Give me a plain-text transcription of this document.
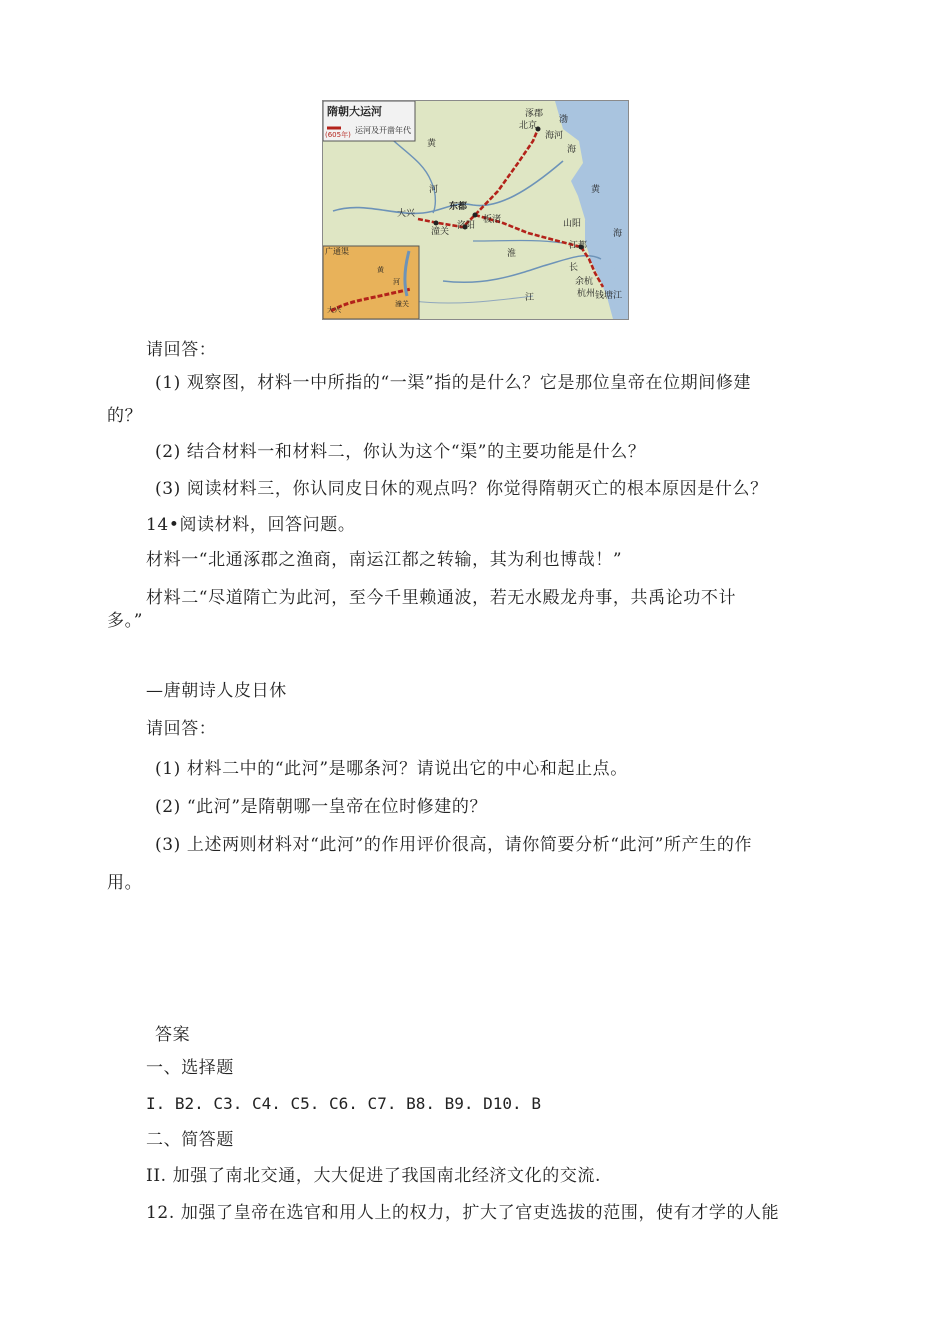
隋朝大运河
(605年) 运河及开凿年代
广通渠
涿郡
北京
海河
渤
海
黄
河
东都
大兴
潼关
洛阳
板渚	山阳
江都
黄
海
淮
长
江
余杭
杭州 钱塘江
大兴
潼关
黄
河
请回答：
(1) 观察图，材料一中所指的“一渠”指的是什么？它是那位皇帝在位期间修建
的？
(2) 结合材料一和材料二，你认为这个“渠”的主要功能是什么？
(3) 阅读材料三，你认同皮日休的观点吗？你觉得隋朝灭亡的根本原因是什么？
14•阅读材料，回答问题。
材料一“北通涿郡之渔商，南运江都之转输，其为利也博哉！”
材料二“尽道隋亡为此河，至今千里赖通波，若无水殿龙舟事，共禹论功不计
多。”
—唐朝诗人皮日休
请回答：
(1) 材料二中的“此河”是哪条河？请说出它的中心和起止点。
(2) “此河”是隋朝哪一皇帝在位时修建的？
(3) 上述两则材料对“此河”的作用评价很高，请你简要分析“此河”所产生的作
用。
答案
一、选择题
I. B2. C3. C4. C5. C6. C7. B8. B9. D10. B
二、简答题
II. 加强了南北交通，大大促进了我国南北经济文化的交流.
12. 加强了皇帝在选官和用人上的权力，扩大了官吏选拔的范围，使有才学的人能
